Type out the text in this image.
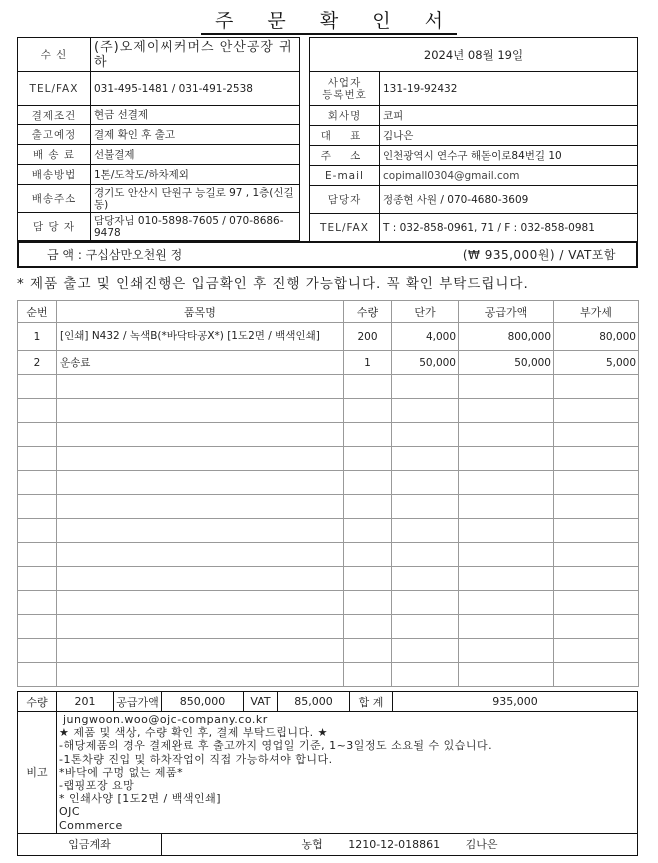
주 문 확 인 서
수 신	(주)오제이씨커머스 안산공장 귀하
TEL/FAX	031-495-1481 / 031-491-2538
결제조건	현금 선결제
출고예정	결제 확인 후 출고
배 송 료	선불결제
배송방법	1톤/도착도/하차제외
배송주소	경기도 안산시 단원구 능길로 97 , 1층(신길동)
담 당 자	담당자님 010-5898-7605 / 070-8686-9478
2024년 08월 19일	

사업자
등록번호	131-19-92432
회사명	코피
대 표	김나은
주 소	인천광역시 연수구 해돋이로84번길 10
E-mail	copimall0304@gmail.com
담당자	정종현 사원 / 070-4680-3609
TEL/FAX	T : 032-858-0961, 71 / F : 032-858-0981
금 액 : 구십삼만오천원 정	(₩ 935,000원) / VAT포함
* 제품 출고 및 인쇄진행은 입금확인 후 진행 가능합니다. 꼭 확인 부탁드립니다.
순번	품목명	수량	단가	공급가액	부가세
1	[인쇄] N432 / 녹색B(*바닥타공X*) [1도2면 / 백색인쇄]	200	4,000	800,000	80,000
2	운송료	1	50,000	50,000	5,000

수량	201	공급가액	850,000	VAT	85,000	합 계	935,000
비고	
jungwoon.woo@ojc-company.co.kr
★ 제품 및 색상, 수량 확인 후, 결제 부탁드립니다. ★
-해당제품의 경우 결제완료 후 출고까지 영업일 기준, 1~3일정도 소요될 수 있습니다.
-1톤차량 진입 및 하차작업이 직접 가능하셔야 합니다.
*바닥에 구멍 없는 제품*
-랩핑포장 요망
* 인쇄사양 [1도2면 / 백색인쇄]
OJC
Commerce

입금계좌			농협 1210-12-018861 김나은				
